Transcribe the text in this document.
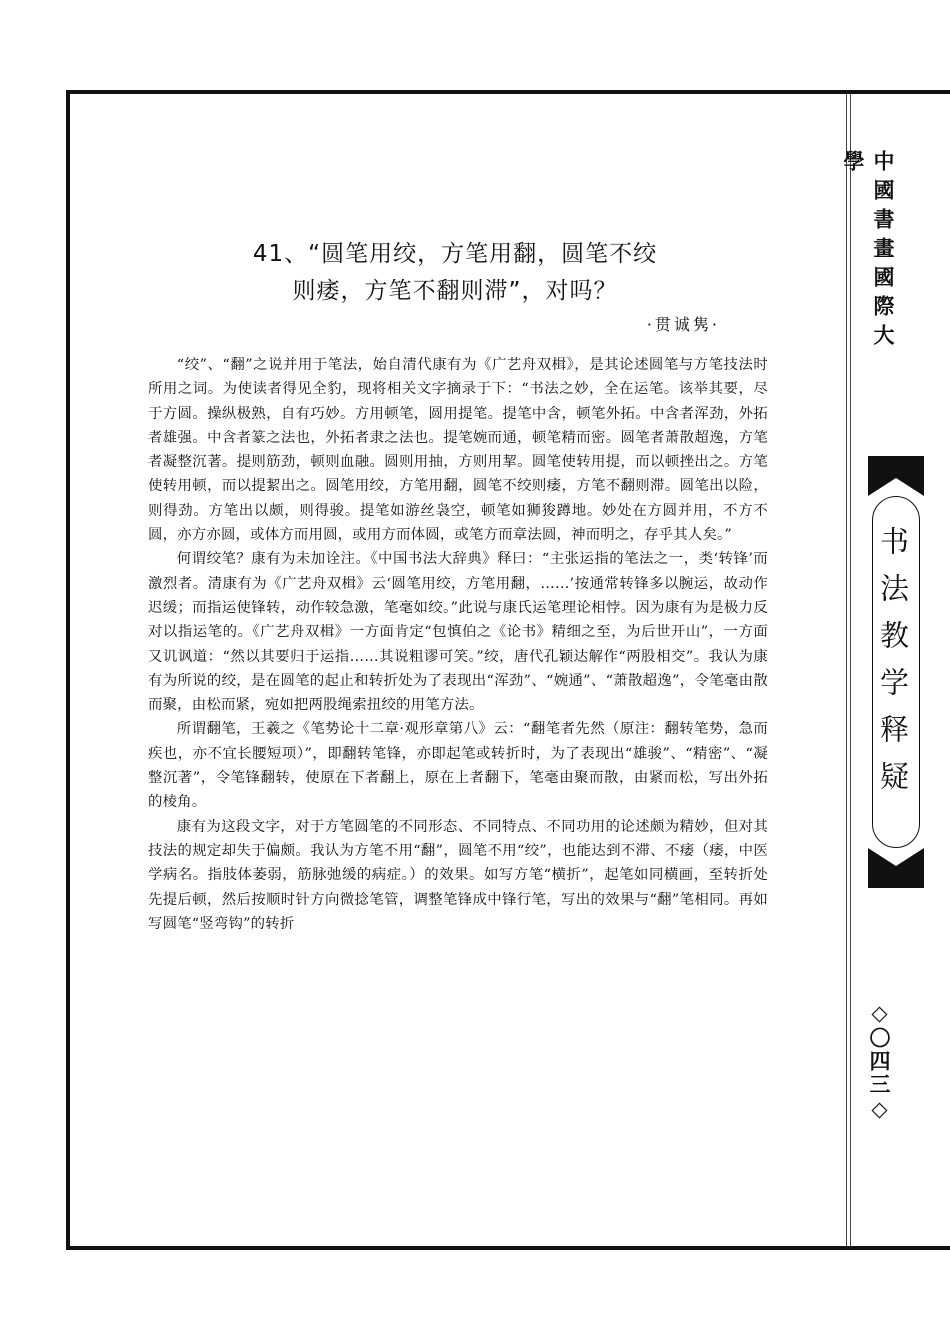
中國書畫國際大學
书法教学释疑
◇〇四三◇
41、“圆笔用绞，方笔用翻，圆笔不绞
则痿，方笔不翻则滞”，对吗？
·贯诚隽·

“绞”、“翻”之说并用于笔法，始自清代康有为《广艺舟双楫》，是其论述圆笔与方笔技法时所用之词。为使读者得见全豹，现将相关文字摘录于下：“书法之妙，全在运笔。该举其要，尽于方圆。操纵极熟，自有巧妙。方用顿笔，圆用提笔。提笔中含，顿笔外拓。中含者浑劲，外拓者雄强。中含者篆之法也，外拓者隶之法也。提笔婉而通，顿笔精而密。圆笔者萧散超逸，方笔者凝整沉著。提则筋劲，顿则血融。圆则用抽，方则用挈。圆笔使转用提，而以顿挫出之。方笔使转用顿，而以提絜出之。圆笔用绞，方笔用翻，圆笔不绞则痿，方笔不翻则滞。圆笔出以险，则得劲。方笔出以颇，则得骏。提笔如游丝袅空，顿笔如狮狻蹲地。妙处在方圆并用，不方不圆，亦方亦圆，或体方而用圆，或用方而体圆，或笔方而章法圆，神而明之，存乎其人矣。”

何谓绞笔？康有为未加诠注。《中国书法大辞典》释曰：“主张运指的笔法之一，类‘转锋’而激烈者。清康有为《广艺舟双楫》云‘圆笔用绞，方笔用翻，……’按通常转锋多以腕运，故动作迟缓；而指运使锋转，动作较急激，笔毫如绞。”此说与康氏运笔理论相悖。因为康有为是极力反对以指运笔的。《广艺舟双楫》一方面肯定“包慎伯之《论书》精细之至，为后世开山”，一方面又讥讽道：“然以其要归于运指……其说粗谬可笑。”绞，唐代孔颖达解作“两股相交”。我认为康有为所说的绞，是在圆笔的起止和转折处为了表现出“浑劲”、“婉通”、“萧散超逸”，令笔毫由散而聚，由松而紧，宛如把两股绳索扭绞的用笔方法。

所谓翻笔，王羲之《笔势论十二章·观形章第八》云：“翻笔者先然（原注：翻转笔势，急而疾也，亦不宜长腰短项）”，即翻转笔锋，亦即起笔或转折时，为了表现出“雄骏”、“精密”、“凝整沉著”，令笔锋翻转，使原在下者翻上，原在上者翻下，笔毫由聚而散，由紧而松，写出外拓的棱角。

康有为这段文字，对于方笔圆笔的不同形态、不同特点、不同功用的论述颇为精妙，但对其技法的规定却失于偏颇。我认为方笔不用“翻”，圆笔不用“绞”，也能达到不滞、不痿（痿，中医学病名。指肢体萎弱，筋脉弛缓的病症。）的效果。如写方笔“横折”，起笔如同横画，至转折处先提后顿，然后按顺时针方向微捻笔管，调整笔锋成中锋行笔，写出的效果与“翻”笔相同。再如写圆笔“竖弯钩”的转折
